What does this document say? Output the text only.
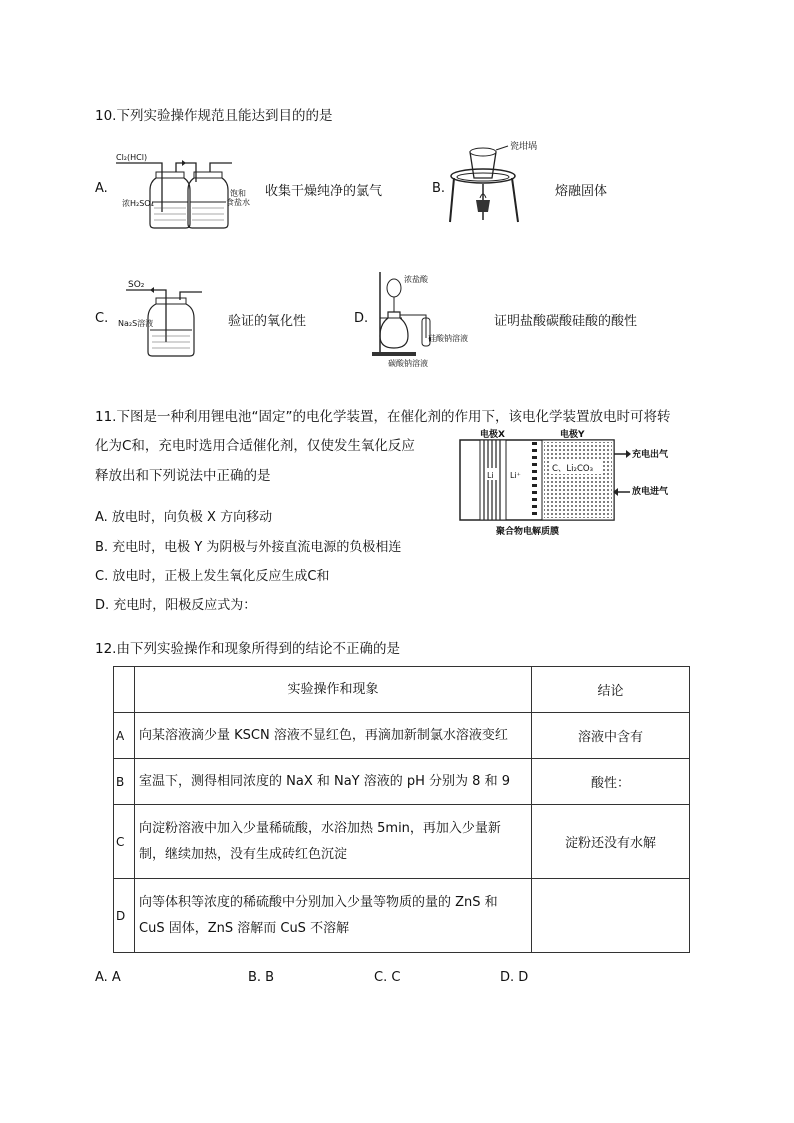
10.下列实验操作规范且能达到目的的是
A.
Cl₂(HCl)
浓H₂SO₄
饱和
食盐水
收集干燥纯净的氯气	B.
瓷坩埚
熔融固体
C.
SO₂
Na₂S溶液	验证的氧化性	D.
浓盐酸
硅酸钠溶液
碳酸钠溶液
证明盐酸碳酸硅酸的酸性
11.下图是一种利用锂电池“固定”的电化学装置，在催化剂的作用下，该电化学装置放电时可将转
化为C和，充电时选用合适催化剂，仅使发生氧化反应
释放出和下列说法中正确的是
电极X	电极Y
Li Li⁺
C、Li₂CO₃
充电出气
放电进气
聚合物电解质膜
A. 放电时，向负极 X 方向移动
B. 充电时，电极 Y 为阴极与外接直流电源的负极相连
C. 放电时，正极上发生氧化反应生成C和
D. 充电时，阳极反应式为：
12.由下列实验操作和现象所得到的结论不正确的是
	实验操作和现象	结论
A	向某溶液滴少量 KSCN 溶液不显红色，再滴加新制氯水溶液变红	溶液中含有
B	室温下，测得相同浓度的 NaX 和 NaY 溶液的 pH 分别为 8 和 9	酸性：
C	向淀粉溶液中加入少量稀硫酸，水浴加热 5min，再加入少量新
制，继续加热，没有生成砖红色沉淀	淀粉还没有水解
D	向等体积等浓度的稀硫酸中分别加入少量等物质的量的 ZnS 和
CuS 固体，ZnS 溶解而 CuS 不溶解	

A. A	B. B	C. C	D. D
